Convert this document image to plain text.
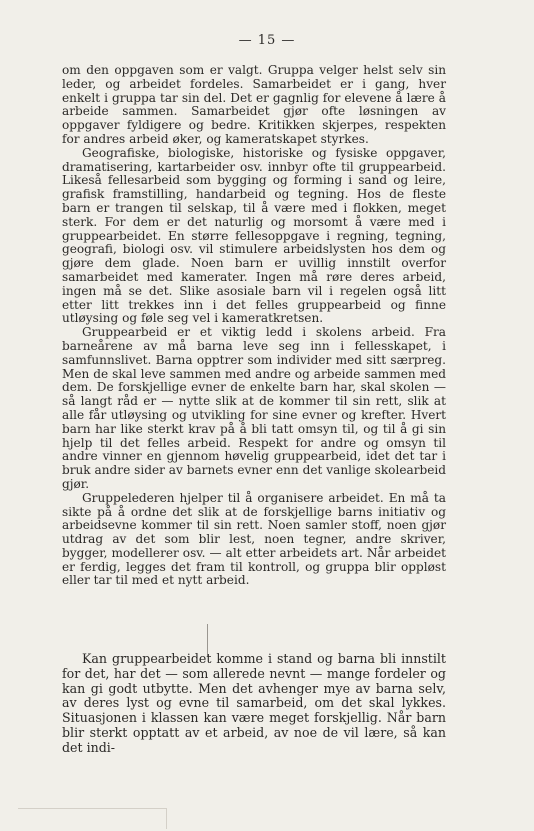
— 15 —

om den oppgaven som er valgt. Gruppa velger helst selv sin leder, og arbeidet fordeles. Samarbeidet er i gang, hver enkelt i gruppa tar sin del. Det er gagnlig for elevene å lære å arbeide sammen. Samarbeidet gjør ofte løsningen av oppgaver fyldigere og bedre. Kritikken skjerpes, respekten for andres arbeid øker, og kameratskapet styrkes.

Geografiske, biologiske, historiske og fysiske oppgaver, dramatisering, kartarbeider osv. innbyr ofte til gruppearbeid. Likeså fellesarbeid som bygging og forming i sand og leire, grafisk framstilling, handarbeid og tegning. Hos de fleste barn er trangen til selskap, til å være med i flokken, meget sterk. For dem er det naturlig og morsomt å være med i gruppearbeidet. En større fellesoppgave i regning, tegning, geografi, biologi osv. vil stimulere arbeidslysten hos dem og gjøre dem glade. Noen barn er uvillig innstilt overfor samarbeidet med kamerater. Ingen må røre deres arbeid, ingen må se det. Slike asosiale barn vil i regelen også litt etter litt trekkes inn i det felles gruppearbeid og finne utløysing og føle seg vel i kameratkretsen.

Gruppearbeid er et viktig ledd i skolens arbeid. Fra barneårene av må barna leve seg inn i fellesskapet, i samfunnslivet. Barna opptrer som individer med sitt særpreg. Men de skal leve sammen med andre og arbeide sammen med dem. De forskjellige evner de enkelte barn har, skal skolen — så langt råd er — nytte slik at de kommer til sin rett, slik at alle får utløysing og utvikling for sine evner og krefter. Hvert barn har like sterkt krav på å bli tatt omsyn til, og til å gi sin hjelp til det felles arbeid. Respekt for andre og omsyn til andre vinner en gjennom høvelig gruppearbeid, idet det tar i bruk andre sider av barnets evner enn det vanlige skolearbeid gjør.

Gruppelederen hjelper til å organisere arbeidet. En må ta sikte på å ordne det slik at de forskjellige barns initiativ og arbeidsevne kommer til sin rett. Noen samler stoff, noen gjør utdrag av det som blir lest, noen tegner, andre skriver, bygger, modellerer osv. — alt etter arbeidets art. Når arbeidet er ferdig, legges det fram til kontroll, og gruppa blir oppløst eller tar til med et nytt arbeid.

Kan gruppearbeidet komme i stand og barna bli innstilt for det, har det — som allerede nevnt — mange fordeler og kan gi godt utbytte. Men det avhenger mye av barna selv, av deres lyst og evne til samarbeid, om det skal lykkes. Situasjonen i klassen kan være meget forskjellig. Når barn blir sterkt opptatt av et arbeid, av noe de vil lære, så kan det indi-
